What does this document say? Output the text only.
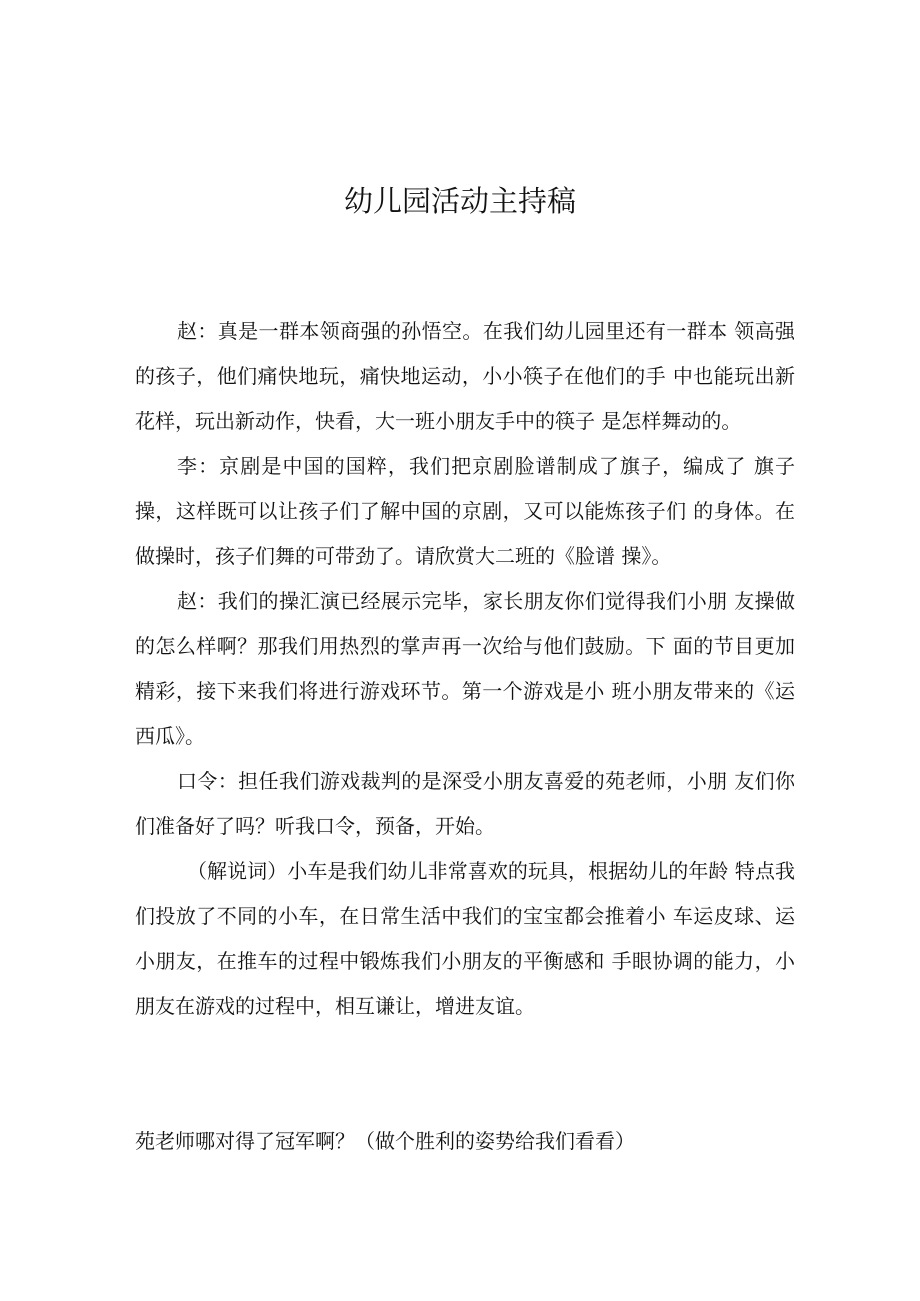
幼儿园活动主持稿

赵：真是一群本领商强的孙悟空。在我们幼儿园里还有一群本 领高强的孩子，他们痛快地玩，痛快地运动，小小筷子在他们的手 中也能玩出新花样，玩出新动作，快看，大一班小朋友手中的筷子 是怎样舞动的。

李：京剧是中国的国粹，我们把京剧脸谱制成了旗子，编成了 旗子操，这样既可以让孩子们了解中国的京剧，又可以能炼孩子们 的身体。在做操时，孩子们舞的可带劲了。请欣赏大二班的《脸谱 操》。

赵：我们的操汇演已经展示完毕，家长朋友你们觉得我们小朋 友操做的怎么样啊？那我们用热烈的掌声再一次给与他们鼓励。下 面的节目更加精彩，接下来我们将进行游戏环节。第一个游戏是小 班小朋友带来的《运西瓜》。

口令：担任我们游戏裁判的是深受小朋友喜爱的苑老师，小朋 友们你们准备好了吗？听我口令，预备，开始。

（解说词）小车是我们幼儿非常喜欢的玩具，根据幼儿的年龄 特点我们投放了不同的小车，在日常生活中我们的宝宝都会推着小 车运皮球、运小朋友，在推车的过程中锻炼我们小朋友的平衡感和 手眼协调的能力，小朋友在游戏的过程中，相互谦让，增进友谊。

苑老师哪对得了冠军啊？（做个胜利的姿势给我们看看）
